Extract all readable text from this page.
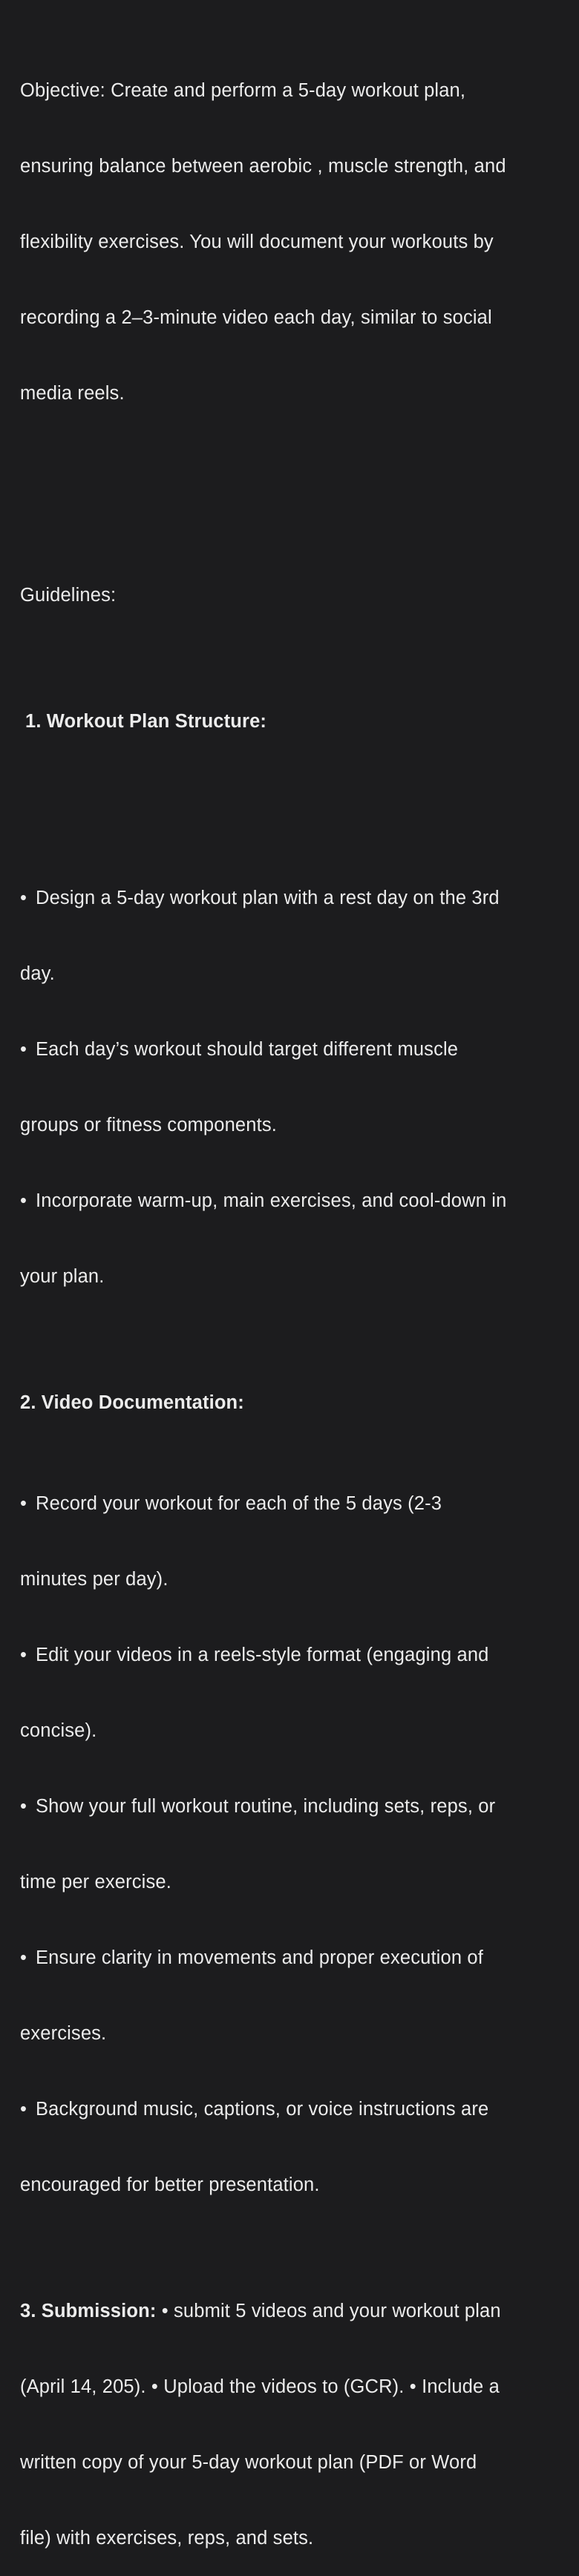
Objective: Create and perform a 5-day workout plan,

ensuring balance between aerobic , muscle strength, and

flexibility exercises. You will document your workouts by

recording a 2–3-minute video each day, similar to social

media reels.

Guidelines:

1. Workout Plan Structure:

• Design a 5-day workout plan with a rest day on the 3rd

day.

• Each day’s workout should target different muscle

groups or fitness components.

• Incorporate warm-up, main exercises, and cool-down in

your plan.

2. Video Documentation:

• Record your workout for each of the 5 days (2-3

minutes per day).

• Edit your videos in a reels-style format (engaging and

concise).

• Show your full workout routine, including sets, reps, or

time per exercise.

• Ensure clarity in movements and proper execution of

exercises.

• Background music, captions, or voice instructions are

encouraged for better presentation.

3. Submission: • submit 5 videos and your workout plan

(April 14, 205). • Upload the videos to (GCR). • Include a

written copy of your 5-day workout plan (PDF or Word

file) with exercises, reps, and sets.
